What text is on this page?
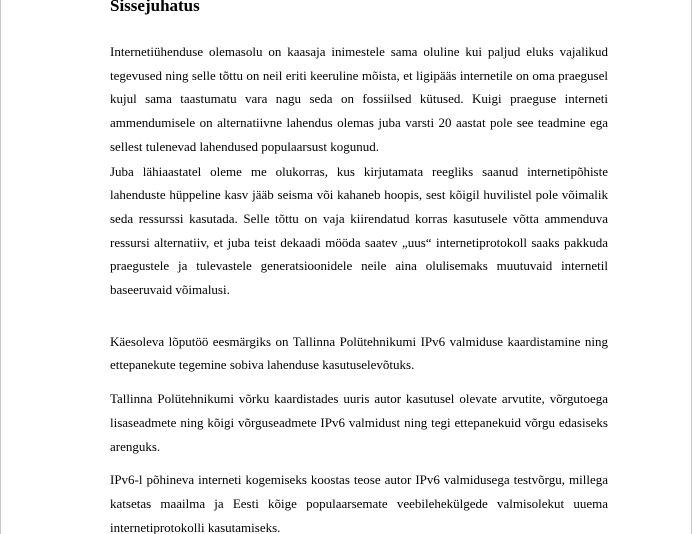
Sissejuhatus

Internetiühenduse olemasolu on kaasaja inimestele sama oluline kui paljud eluks vajalikud tegevused ning selle tõttu on neil eriti keeruline mõista, et ligipääs internetile on oma praegusel kujul sama taastumatu vara nagu seda on fossiilsed kütused. Kuigi praeguse interneti ammendumisele on alternatiivne lahendus olemas juba varsti 20 aastat pole see teadmine ega sellest tulenevad lahendused populaarsust kogunud.

Juba lähiaastatel oleme me olukorras, kus kirjutamata reegliks saanud internetipõhiste lahenduste hüppeline kasv jääb seisma või kahaneb hoopis, sest kõigil huvilistel pole võimalik seda ressurssi kasutada. Selle tõttu on vaja kiirendatud korras kasutusele võtta ammenduva ressursi alternatiiv, et juba teist dekaadi mööda saatev „uus“ internetiprotokoll saaks pakkuda praegustele ja tulevastele generatsioonidele neile aina olulisemaks muutuvaid internetil baseeruvaid võimalusi.

Käesoleva lõputöö eesmärgiks on Tallinna Polütehnikumi IPv6 valmiduse kaardistamine ning ettepanekute tegemine sobiva lahenduse kasutuselevõtuks.

Tallinna Polütehnikumi võrku kaardistades uuris autor kasutusel olevate arvutite, võrgutoega lisaseadmete ning kõigi võrguseadmete IPv6 valmidust ning tegi ettepanekuid võrgu edasiseks arenguks.

IPv6-l põhineva interneti kogemiseks koostas teose autor IPv6 valmidusega testvõrgu, millega katsetas maailma ja Eesti kõige populaarsemate veebilehekülgede valmisolekut uuema internetiprotokolli kasutamiseks.
